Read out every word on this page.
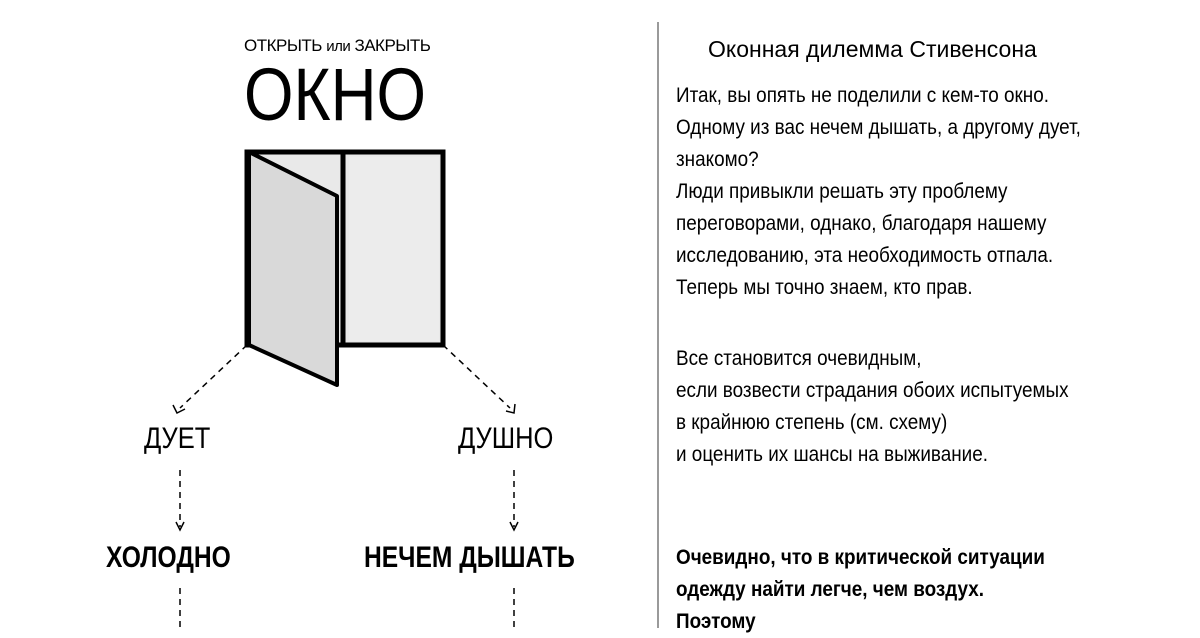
ОТКРЫТЬ или ЗАКРЫТЬ
ОКНО
ДУЕТ	ДУШНО
ХОЛОДНО	НЕЧЕМ ДЫШАТЬ
Оконная дилемма Стивенсона
Итак, вы опять не поделили с кем-то окно.
Одному из вас нечем дышать, а другому дует,
знакомо?
Люди привыкли решать эту проблему
переговорами, однако, благодаря нашему
исследованию, эта необходимость отпала.
Теперь мы точно знаем, кто прав.
Все становится очевидным,
если возвести страдания обоих испытуемых
в крайнюю степень (см. схему)
и оценить их шансы на выживание.
Очевидно, что в критической ситуации
одежду найти легче, чем воздух.
Поэтому
